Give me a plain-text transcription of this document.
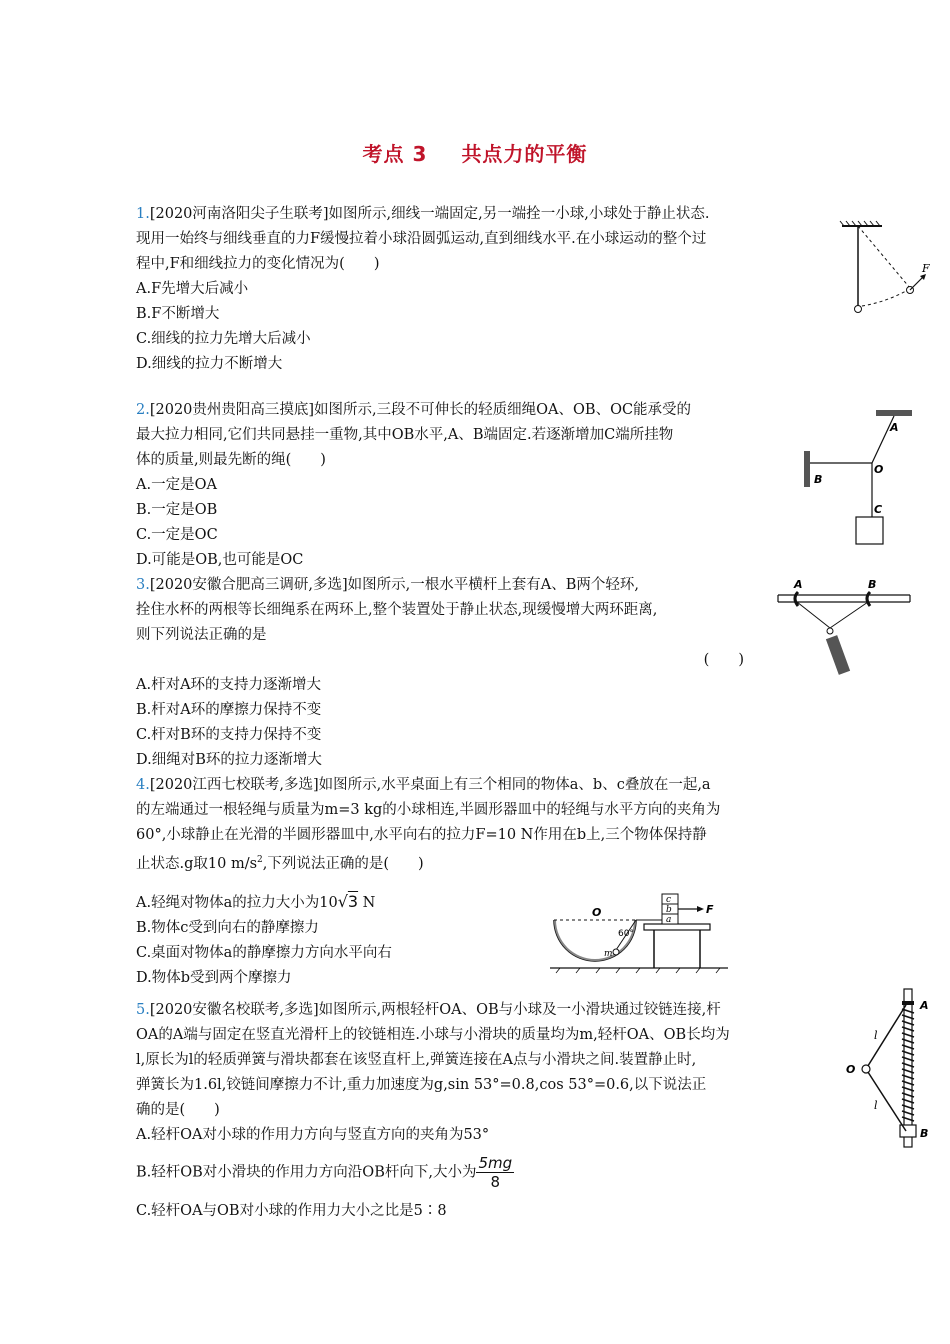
考点 3 共点力的平衡

1.[2020河南洛阳尖子生联考]如图所示,细线一端固定,另一端拴一小球,小球处于静止状态.

现用一始终与细线垂直的力F缓慢拉着小球沿圆弧运动,直到细线水平.在小球运动的整个过

程中,F和细线拉力的变化情况为(　　)

A.F先增大后减小

B.F不断增大

C.细线的拉力先增大后减小

D.细线的拉力不断增大

F

2.[2020贵州贵阳高三摸底]如图所示,三段不可伸长的轻质细绳OA、OB、OC能承受的

最大拉力相同,它们共同悬挂一重物,其中OB水平,A、B端固定.若逐渐增加C端所挂物

体的质量,则最先断的绳(　　)

A.一定是OA

B.一定是OB

C.一定是OC

D.可能是OB,也可能是OC

A
B
O
C

3.[2020安徽合肥高三调研,多选]如图所示,一根水平横杆上套有A、B两个轻环,

拴住水杯的两根等长细绳系在两环上,整个装置处于静止状态,现缓慢增大两环距离,

则下列说法正确的是

(　　)

A.杆对A环的支持力逐渐增大

B.杆对A环的摩擦力保持不变

C.杆对B环的支持力保持不变

D.细绳对B环的拉力逐渐增大

A	B

4.[2020江西七校联考,多选]如图所示,水平桌面上有三个相同的物体a、b、c叠放在一起,a

的左端通过一根轻绳与质量为m=3 kg的小球相连,半圆形器皿中的轻绳与水平方向的夹角为

60°,小球静止在光滑的半圆形器皿中,水平向右的拉力F=10 N作用在b上,三个物体保持静

止状态.g取10 $m/s^2$,下列说法正确的是(　　)

A.轻绳对物体a的拉力大小为10√3 N

B.物体c受到向右的静摩擦力

C.桌面对物体a的静摩擦力方向水平向右

D.物体b受到两个摩擦力

a
b
c
F
O
60°
m

5.[2020安徽名校联考,多选]如图所示,两根轻杆OA、OB与小球及一小滑块通过铰链连接,杆

OA的A端与固定在竖直光滑杆上的铰链相连.小球与小滑块的质量均为m,轻杆OA、OB长均为

l,原长为l的轻质弹簧与滑块都套在该竖直杆上,弹簧连接在A点与小滑块之间.装置静止时,

弹簧长为1.6l,铰链间摩擦力不计,重力加速度为g,sin 53°=0.8,cos 53°=0.6,以下说法正

确的是(　　)

A.轻杆OA对小球的作用力方向与竖直方向的夹角为53°

B.轻杆OB对小滑块的作用力方向沿OB杆向下,大小为 $\frac{5mg}{8}$

C.轻杆OA与OB对小球的作用力大小之比是5∶8

A
B
O
l
l
